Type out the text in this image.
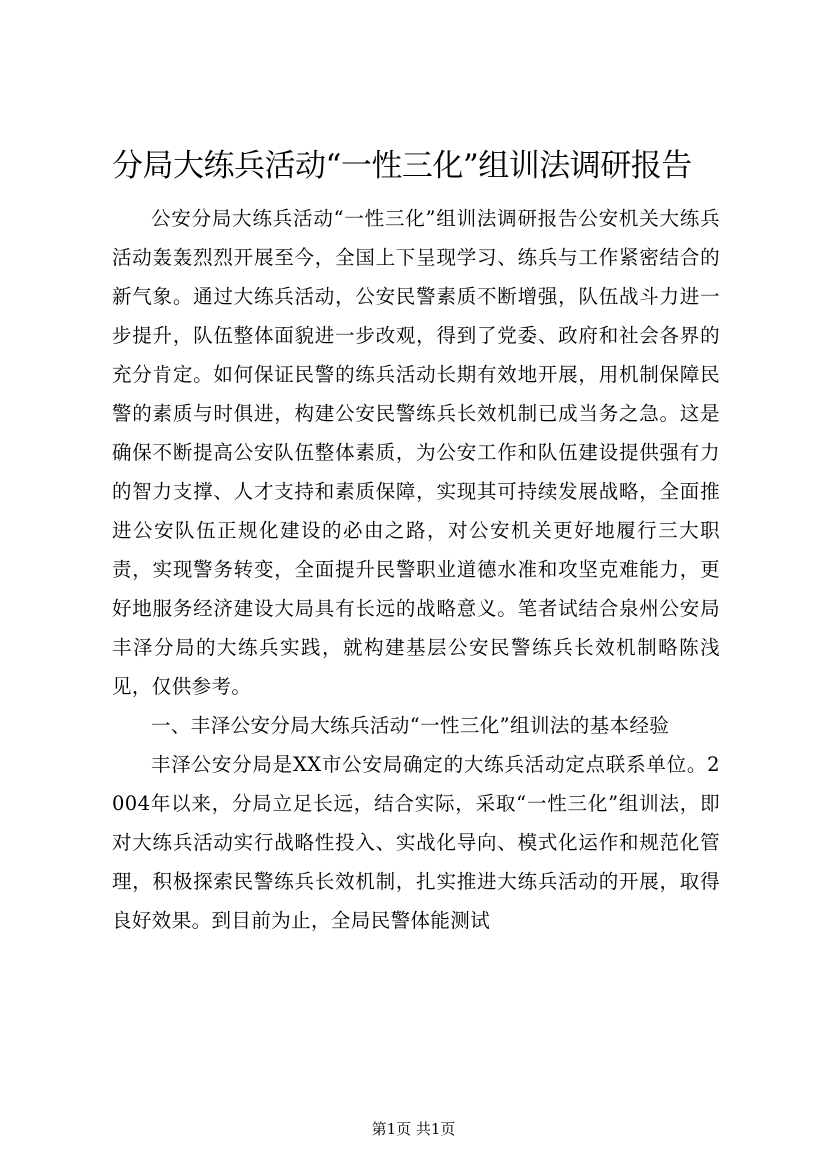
分局大练兵活动“一性三化”组训法调研报告

公安分局大练兵活动“一性三化”组训法调研报告公安机关大练兵活动轰轰烈烈开展至今，全国上下呈现学习、练兵与工作紧密结合的新气象。通过大练兵活动，公安民警素质不断增强，队伍战斗力进一步提升，队伍整体面貌进一步改观，得到了党委、政府和社会各界的充分肯定。如何保证民警的练兵活动长期有效地开展，用机制保障民警的素质与时俱进，构建公安民警练兵长效机制已成当务之急。这是确保不断提高公安队伍整体素质，为公安工作和队伍建设提供强有力的智力支撑、人才支持和素质保障，实现其可持续发展战略，全面推进公安队伍正规化建设的必由之路，对公安机关更好地履行三大职责，实现警务转变，全面提升民警职业道德水准和攻坚克难能力，更好地服务经济建设大局具有长远的战略意义。笔者试结合泉州公安局丰泽分局的大练兵实践，就构建基层公安民警练兵长效机制略陈浅见，仅供参考。

一、丰泽公安分局大练兵活动“一性三化”组训法的基本经验

丰泽公安分局是XX市公安局确定的大练兵活动定点联系单位。2004年以来，分局立足长远，结合实际，采取“一性三化”组训法，即对大练兵活动实行战略性投入、实战化导向、模式化运作和规范化管理，积极探索民警练兵长效机制，扎实推进大练兵活动的开展，取得良好效果。到目前为止，全局民警体能测试

第1页 共1页
